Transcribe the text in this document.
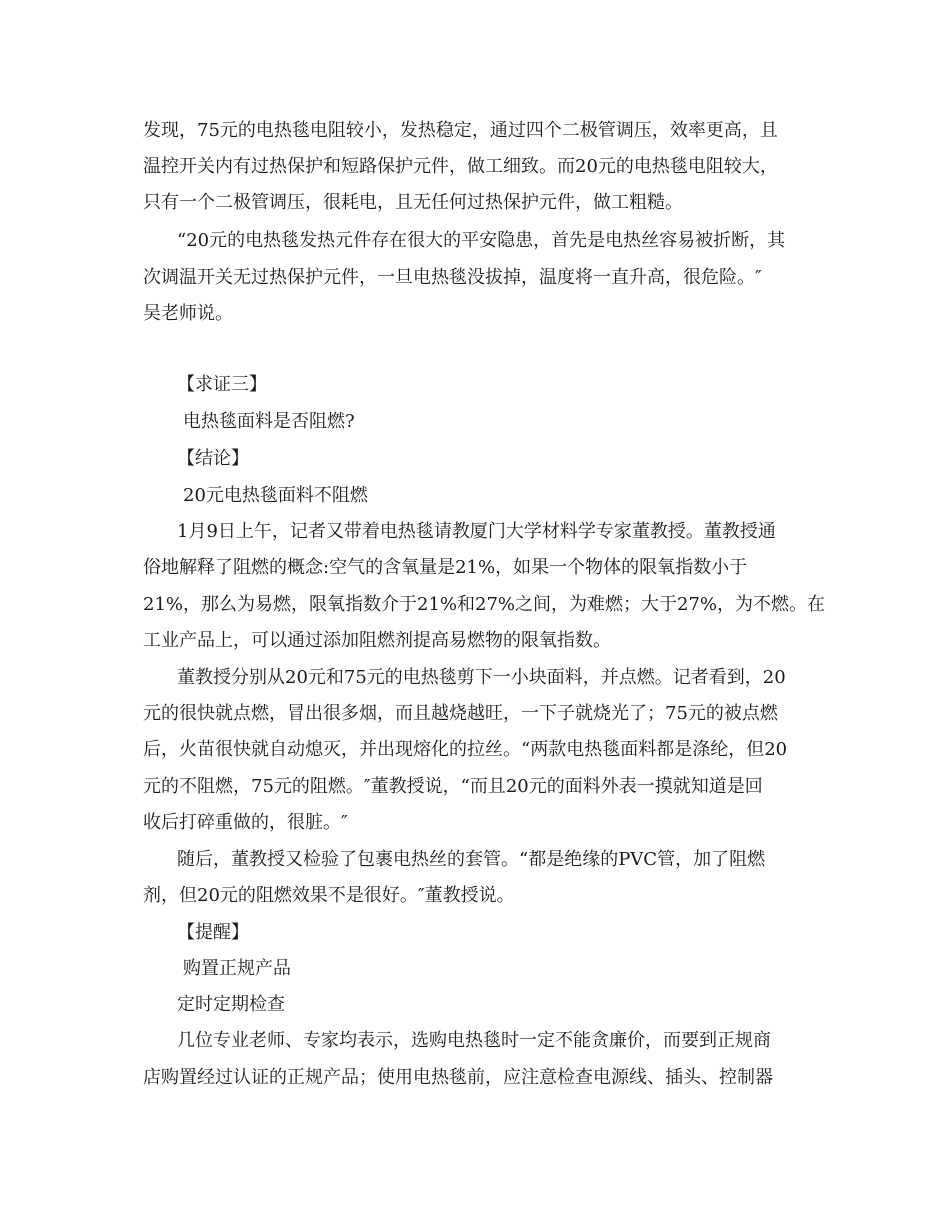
发现，75元的电热毯电阻较小，发热稳定，通过四个二极管调压，效率更高，且
温控开关内有过热保护和短路保护元件，做工细致。而20元的电热毯电阻较大，
只有一个二极管调压，很耗电，且无任何过热保护元件，做工粗糙。
“20元的电热毯发热元件存在很大的平安隐患，首先是电热丝容易被折断，其
次调温开关无过热保护元件，一旦电热毯没拔掉，温度将一直升高，很危险。″
吴老师说。
【求证三】
电热毯面料是否阻燃?
【结论】
20元电热毯面料不阻燃
1月9日上午，记者又带着电热毯请教厦门大学材料学专家董教授。董教授通
俗地解释了阻燃的概念:空气的含氧量是21%，如果一个物体的限氧指数小于
21%，那么为易燃，限氧指数介于21%和27%之间，为难燃；大于27%，为不燃。在
工业产品上，可以通过添加阻燃剂提高易燃物的限氧指数。
董教授分别从20元和75元的电热毯剪下一小块面料，并点燃。记者看到，20
元的很快就点燃，冒出很多烟，而且越烧越旺，一下子就烧光了；75元的被点燃
后，火苗很快就自动熄灭，并出现熔化的拉丝。“两款电热毯面料都是涤纶，但20
元的不阻燃，75元的阻燃。″董教授说，“而且20元的面料外表一摸就知道是回
收后打碎重做的，很脏。″
随后，董教授又检验了包裹电热丝的套管。“都是绝缘的PVC管，加了阻燃
剂，但20元的阻燃效果不是很好。″董教授说。
【提醒】
购置正规产品
定时定期检查
几位专业老师、专家均表示，选购电热毯时一定不能贪廉价，而要到正规商
店购置经过认证的正规产品；使用电热毯前，应注意检查电源线、插头、控制器
